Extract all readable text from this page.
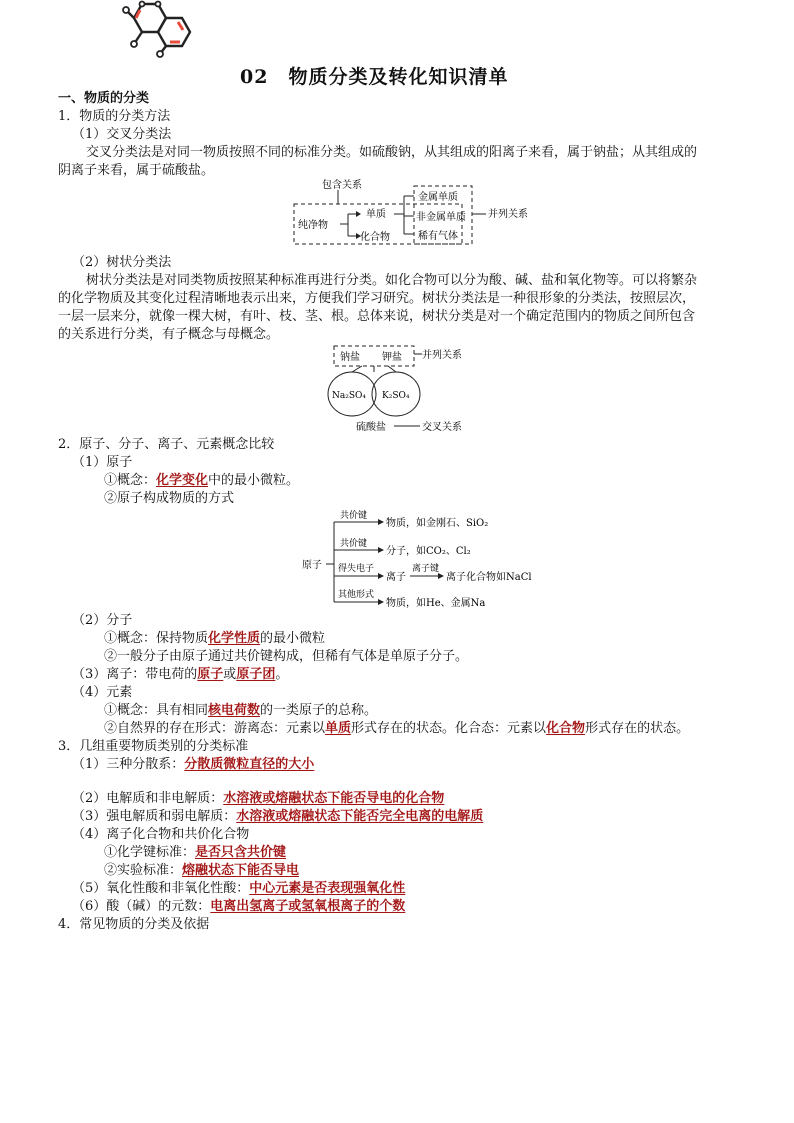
02　物质分类及转化知识清单
一、物质的分类
1．物质的分类方法
（1）交叉分类法
交叉分类法是对同一物质按照不同的标准分类。如硫酸钠，从其组成的阳离子来看，属于钠盐；从其组成的
阴离子来看，属于硫酸盐。
包含关系
纯净物
单质
化合物
金属单质
非金属单质
稀有气体
并列关系
（2）树状分类法
树状分类法是对同类物质按照某种标准再进行分类。如化合物可以分为酸、碱、盐和氧化物等。可以将繁杂
的化学物质及其变化过程清晰地表示出来，方便我们学习研究。树状分类法是一种很形象的分类法，按照层次，
一层一层来分，就像一棵大树，有叶、枝、茎、根。总体来说，树状分类是对一个确定范围内的物质之间所包含
的关系进行分类，有子概念与母概念。
钠盐 钾盐 并列关系
Na₂SO₄ K₂SO₄
硫酸盐	交叉关系
2．原子、分子、离子、元素概念比较
（1）原子
①概念：化学变化中的最小微粒。
②原子构成物质的方式
原子
共价键
物质，如金刚石、SiO₂
共价键
分子，如CO₂、Cl₂
得失电子
离子
离子键
离子化合物如NaCl
其他形式
物质，如He、金属Na
（2）分子
①概念：保持物质化学性质的最小微粒
②一般分子由原子通过共价键构成，但稀有气体是单原子分子。
（3）离子：带电荷的原子或原子团。
（4）元素
①概念：具有相同核电荷数的一类原子的总称。
②自然界的存在形式：游离态：元素以单质形式存在的状态。化合态：元素以化合物形式存在的状态。
3．几组重要物质类别的分类标准
（1）三种分散系：分散质微粒直径的大小
（2）电解质和非电解质：水溶液或熔融状态下能否导电的化合物
（3）强电解质和弱电解质：水溶液或熔融状态下能否完全电离的电解质
（4）离子化合物和共价化合物
①化学键标准：是否只含共价键
②实验标准：熔融状态下能否导电
（5）氧化性酸和非氧化性酸：中心元素是否表现强氧化性
（6）酸（碱）的元数：电离出氢离子或氢氧根离子的个数
4．常见物质的分类及依据
